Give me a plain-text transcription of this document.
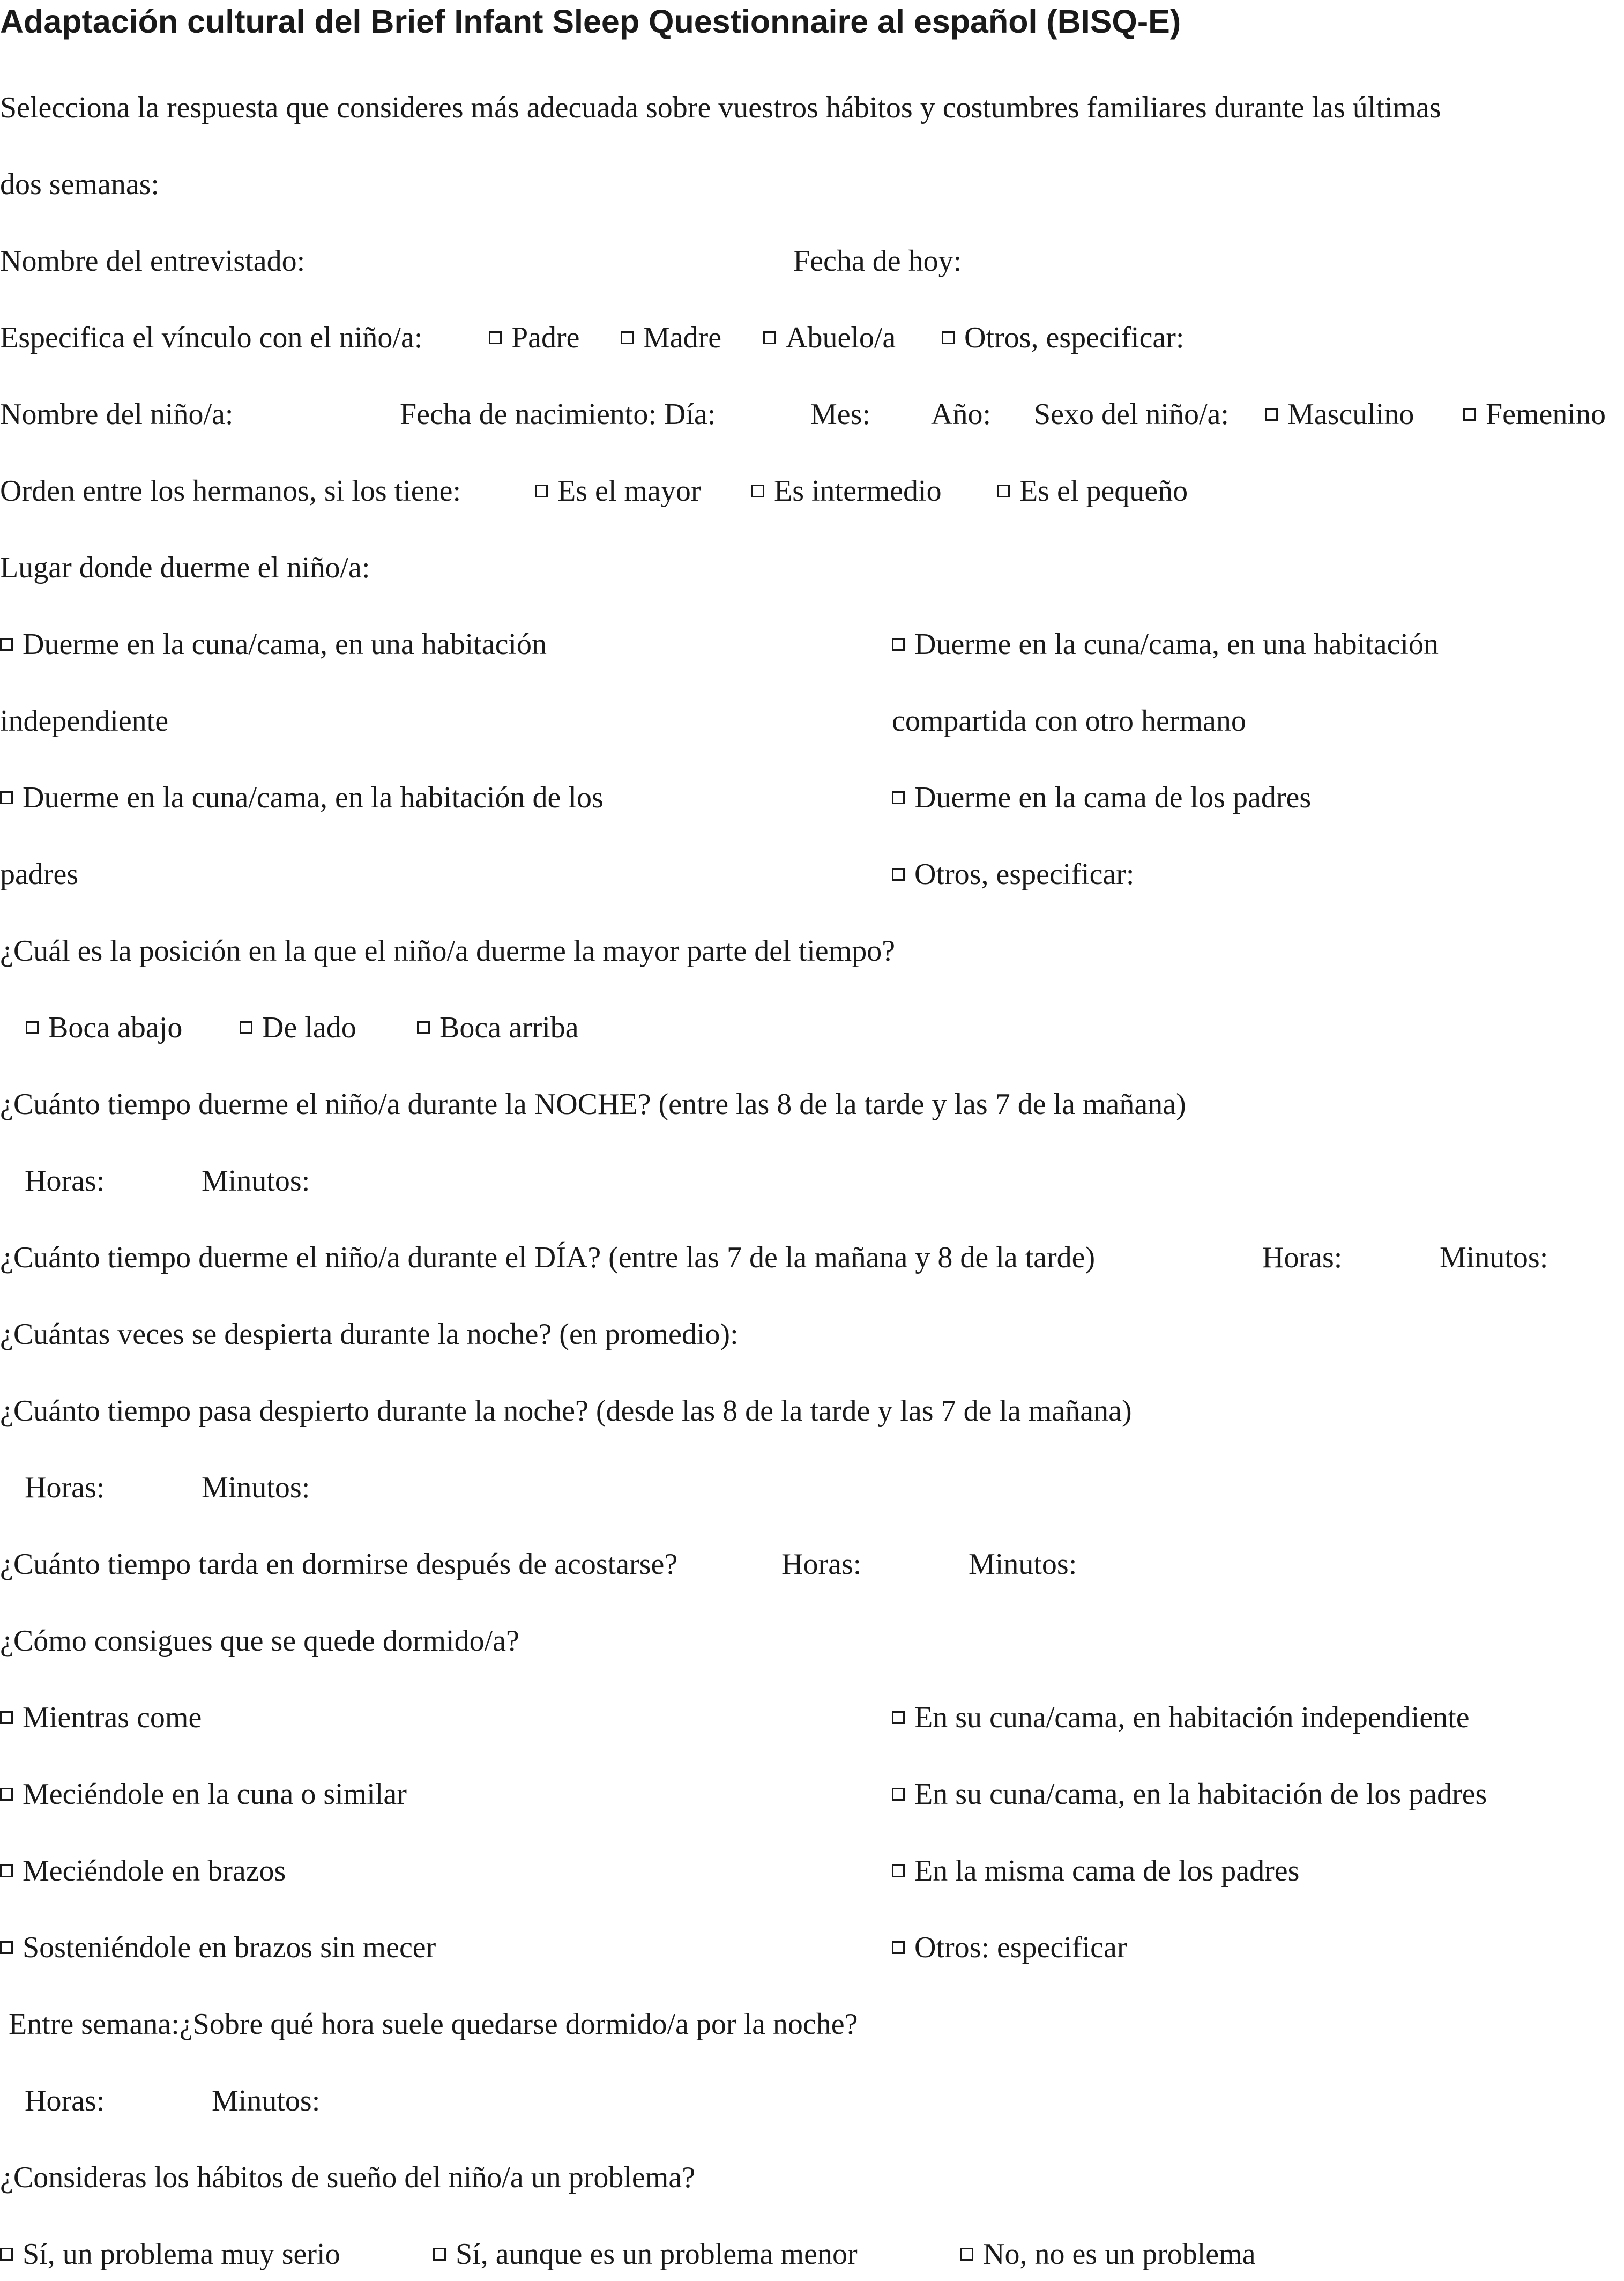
Adaptación cultural del Brief Infant Sleep Questionnaire al español (BISQ-E)
Selecciona la respuesta que consideres más adecuada sobre vuestros hábitos y costumbres familiares durante las últimas
dos semanas:
Nombre del entrevistado:	Fecha de hoy:
Especifica el vínculo con el niño/a:	Padre	Madre	Abuelo/a	Otros, especificar:
Nombre del niño/a:	Fecha de nacimiento: Día:	Mes: Año: Sexo del niño/a:	Masculino	Femenino
Orden entre los hermanos, si los tiene:	Es el mayor	Es intermedio	Es el pequeño
Lugar donde duerme el niño/a:
Duerme en la cuna/cama, en una habitación	Duerme en la cuna/cama, en una habitación
independiente	compartida con otro hermano
Duerme en la cuna/cama, en la habitación de los	Duerme en la cama de los padres
padres	Otros, especificar:
¿Cuál es la posición en la que el niño/a duerme la mayor parte del tiempo?
Boca abajo	De lado	Boca arriba
¿Cuánto tiempo duerme el niño/a durante la NOCHE? (entre las 8 de la tarde y las 7 de la mañana)
Horas:	Minutos:
¿Cuánto tiempo duerme el niño/a durante el DÍA? (entre las 7 de la mañana y 8 de la tarde)	Horas:	Minutos:
¿Cuántas veces se despierta durante la noche? (en promedio):
¿Cuánto tiempo pasa despierto durante la noche? (desde las 8 de la tarde y las 7 de la mañana)
Horas:	Minutos:
¿Cuánto tiempo tarda en dormirse después de acostarse?	Horas:	Minutos:
¿Cómo consigues que se quede dormido/a?
Mientras come	En su cuna/cama, en habitación independiente
Meciéndole en la cuna o similar	En su cuna/cama, en la habitación de los padres
Meciéndole en brazos	En la misma cama de los padres
Sosteniéndole en brazos sin mecer	Otros: especificar
Entre semana:¿Sobre qué hora suele quedarse dormido/a por la noche?
Horas:	Minutos:
¿Consideras los hábitos de sueño del niño/a un problema?
Sí, un problema muy serio	Sí, aunque es un problema menor	No, no es un problema
